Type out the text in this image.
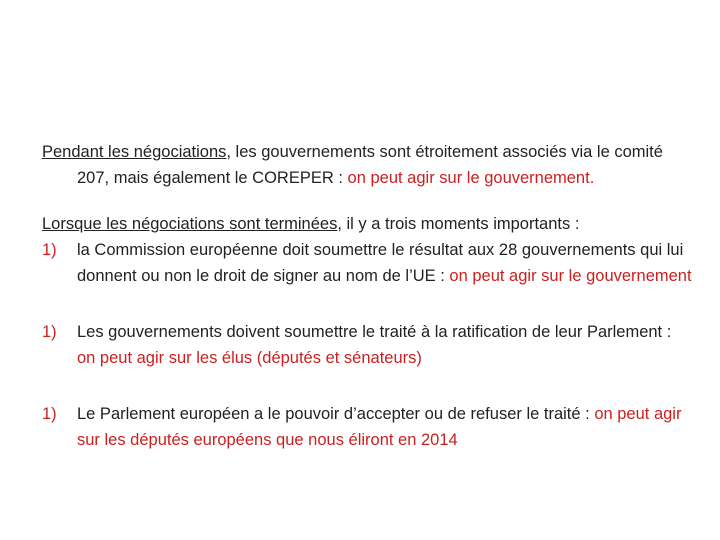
Pendant les négociations, les gouvernements sont étroitement associés via le comité 207, mais également le COREPER : on peut agir sur le gouvernement.

Lorsque les négociations sont terminées, il y a trois moments importants :

1) la Commission européenne doit soumettre le résultat aux 28 gouvernements qui lui donnent ou non le droit de signer au nom de l’UE : on peut agir sur le gouvernement
1) Les gouvernements doivent soumettre le traité à la ratification de leur Parlement : on peut agir sur les élus (députés et sénateurs)
1) Le Parlement européen a le pouvoir d’accepter ou de refuser le traité : on peut agir sur les députés européens que nous éliront en 2014
